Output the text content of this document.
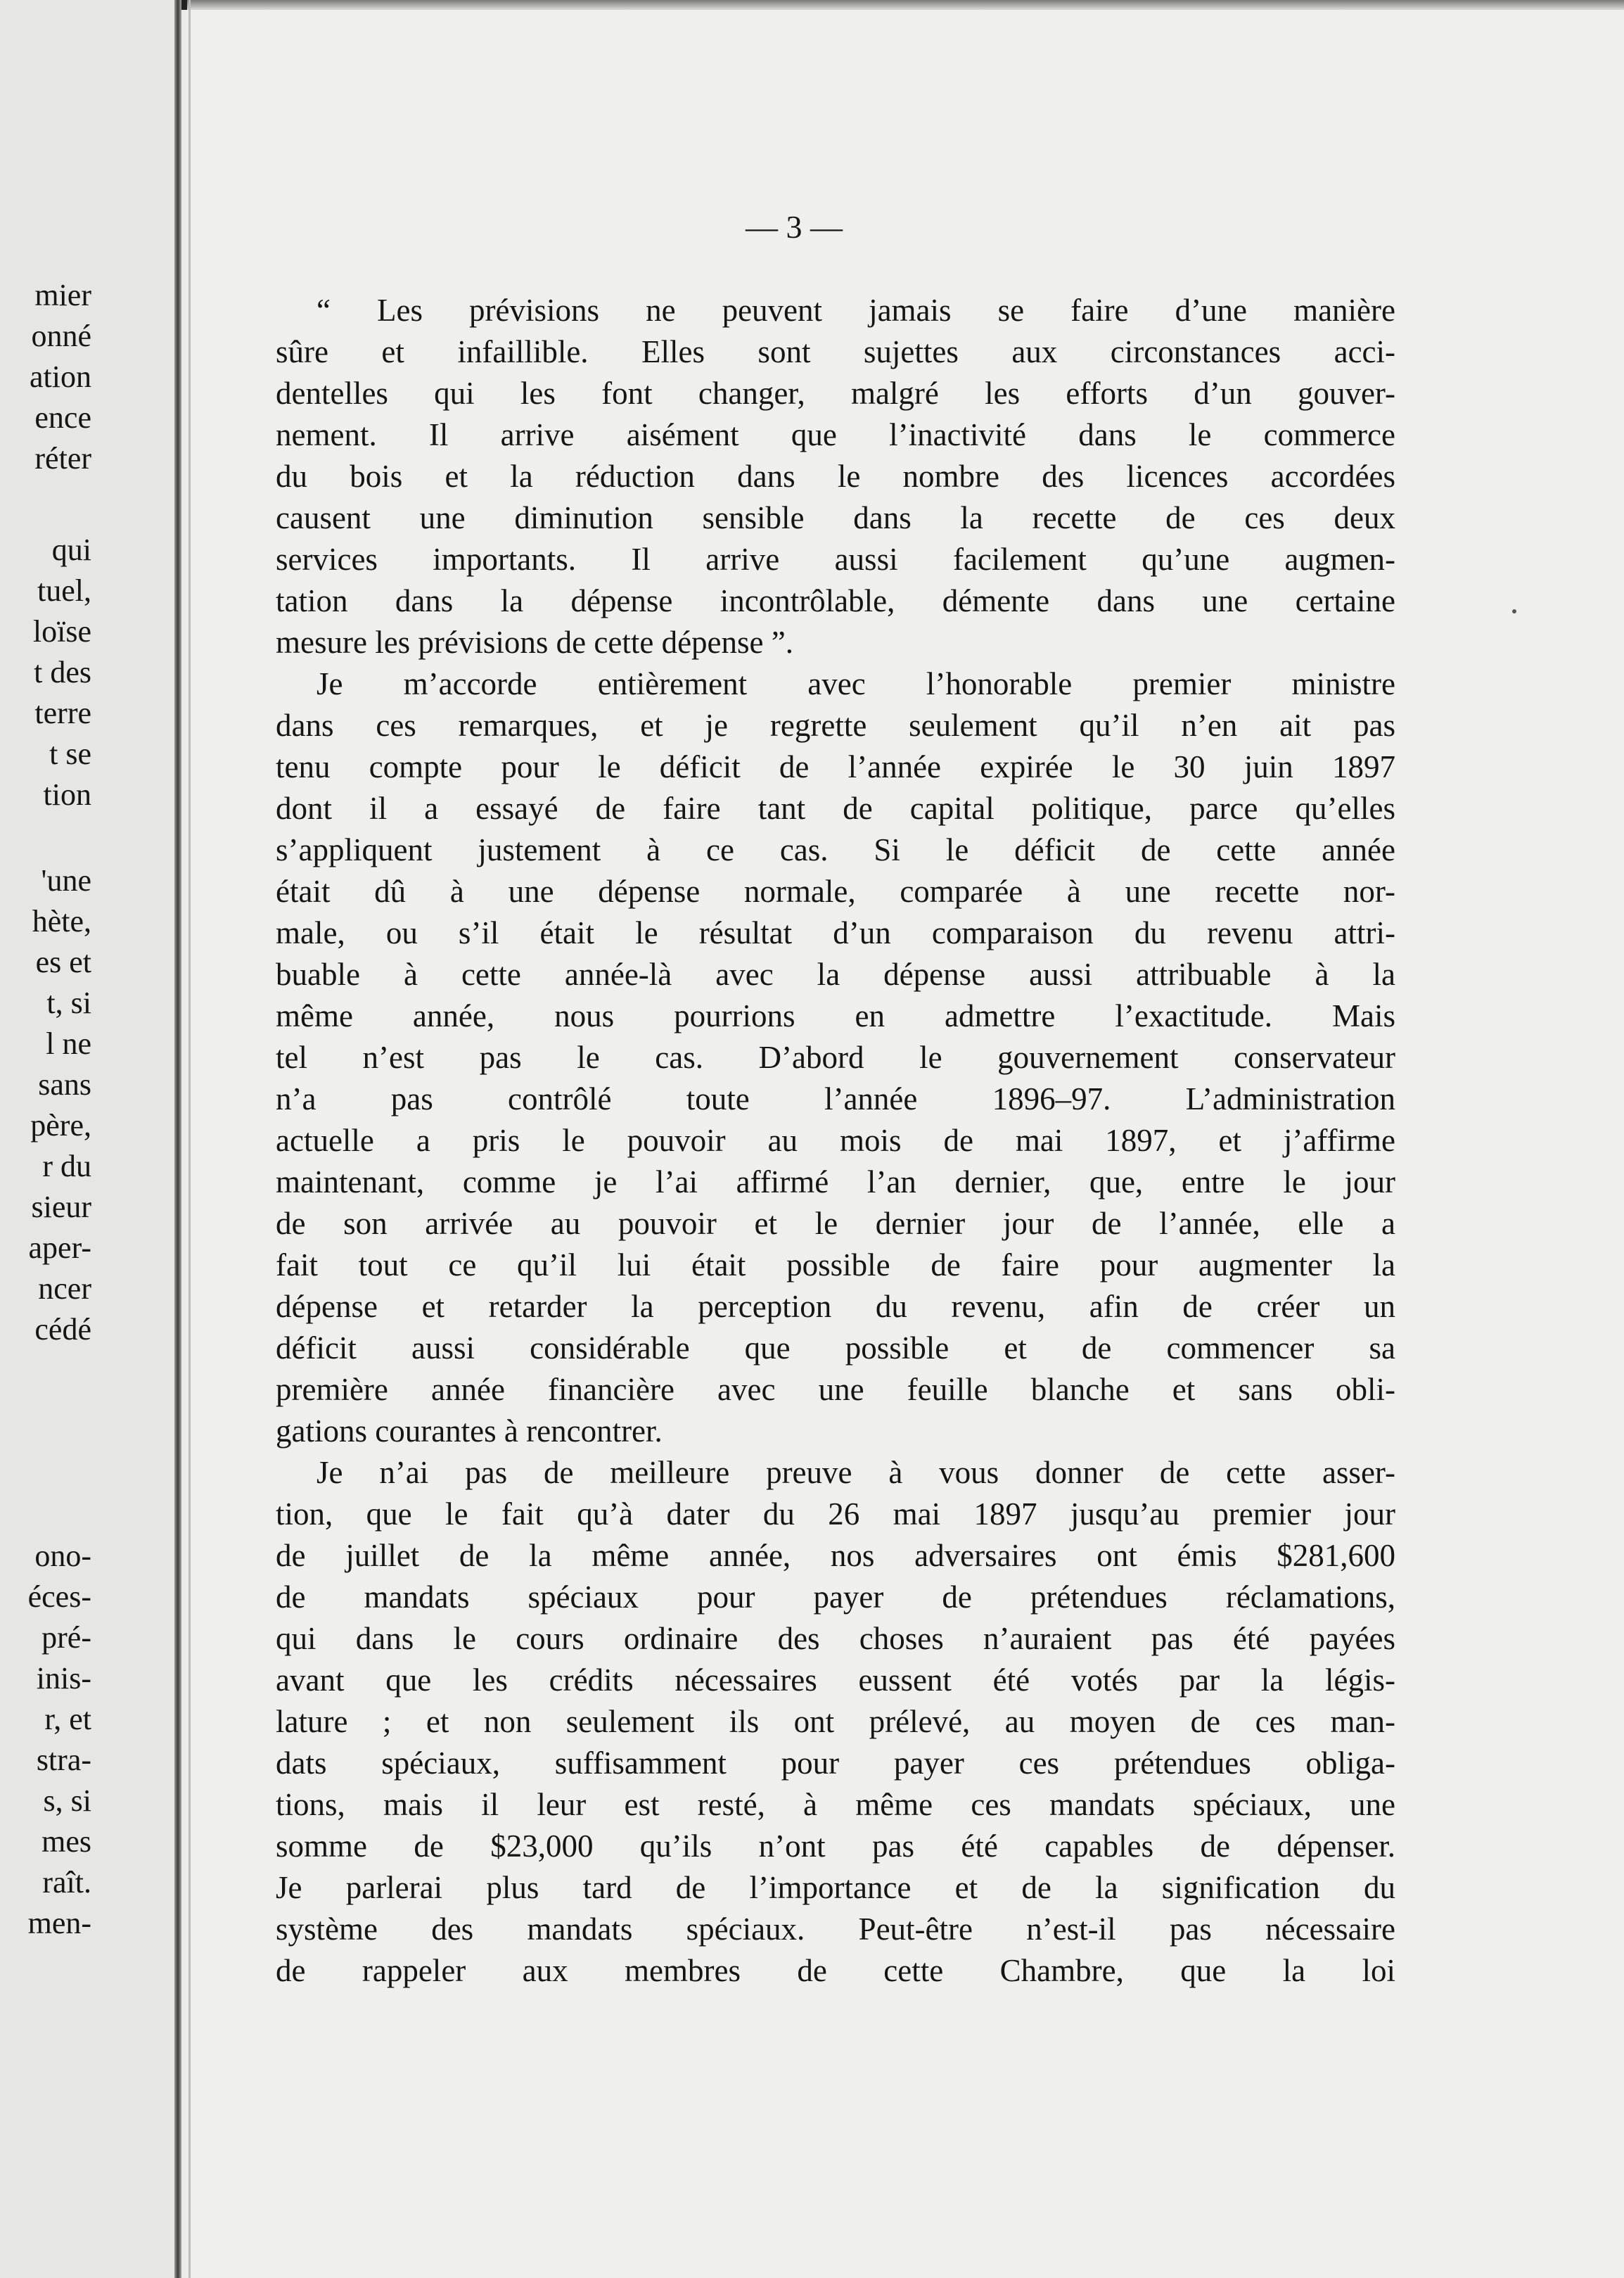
mier
onné
ation
ence
réter
qui
tuel,
loïse
t des
terre
t se
tion
'une
hète,
es et
t, si
l ne
sans
père,
r du
sieur
aper-
ncer
cédé
ono-
éces-
pré-
inis-
r, et
stra-
s, si
mes
raît.
men-
— 3 —
“ Les prévisions ne peuvent jamais se faire d’une manière
sûre et infaillible. Elles sont sujettes aux circonstances acci-
dentelles qui les font changer, malgré les efforts d’un gouver-
nement. Il arrive aisément que l’inactivité dans le commerce
du bois et la réduction dans le nombre des licences accordées
causent une diminution sensible dans la recette de ces deux
services importants. Il arrive aussi facilement qu’une augmen-
tation dans la dépense incontrôlable, démente dans une certaine
mesure les prévisions de cette dépense ”.
Je m’accorde entièrement avec l’honorable premier ministre
dans ces remarques, et je regrette seulement qu’il n’en ait pas
tenu compte pour le déficit de l’année expirée le 30 juin 1897
dont il a essayé de faire tant de capital politique, parce qu’elles
s’appliquent justement à ce cas. Si le déficit de cette année
était dû à une dépense normale, comparée à une recette nor-
male, ou s’il était le résultat d’un comparaison du revenu attri-
buable à cette année-là avec la dépense aussi attribuable à la
même année, nous pourrions en admettre l’exactitude. Mais
tel n’est pas le cas. D’abord le gouvernement conservateur
n’a pas contrôlé toute l’année 1896–97. L’administration
actuelle a pris le pouvoir au mois de mai 1897, et j’affirme
maintenant, comme je l’ai affirmé l’an dernier, que, entre le jour
de son arrivée au pouvoir et le dernier jour de l’année, elle a
fait tout ce qu’il lui était possible de faire pour augmenter la
dépense et retarder la perception du revenu, afin de créer un
déficit aussi considérable que possible et de commencer sa
première année financière avec une feuille blanche et sans obli-
gations courantes à rencontrer.
Je n’ai pas de meilleure preuve à vous donner de cette asser-
tion, que le fait qu’à dater du 26 mai 1897 jusqu’au premier jour
de juillet de la même année, nos adversaires ont émis $281,600
de mandats spéciaux pour payer de prétendues réclamations,
qui dans le cours ordinaire des choses n’auraient pas été payées
avant que les crédits nécessaires eussent été votés par la légis-
lature ; et non seulement ils ont prélevé, au moyen de ces man-
dats spéciaux, suffisamment pour payer ces prétendues obliga-
tions, mais il leur est resté, à même ces mandats spéciaux, une
somme de $23,000 qu’ils n’ont pas été capables de dépenser.
Je parlerai plus tard de l’importance et de la signification du
système des mandats spéciaux. Peut-être n’est-il pas nécessaire
de rappeler aux membres de cette Chambre, que la loi
